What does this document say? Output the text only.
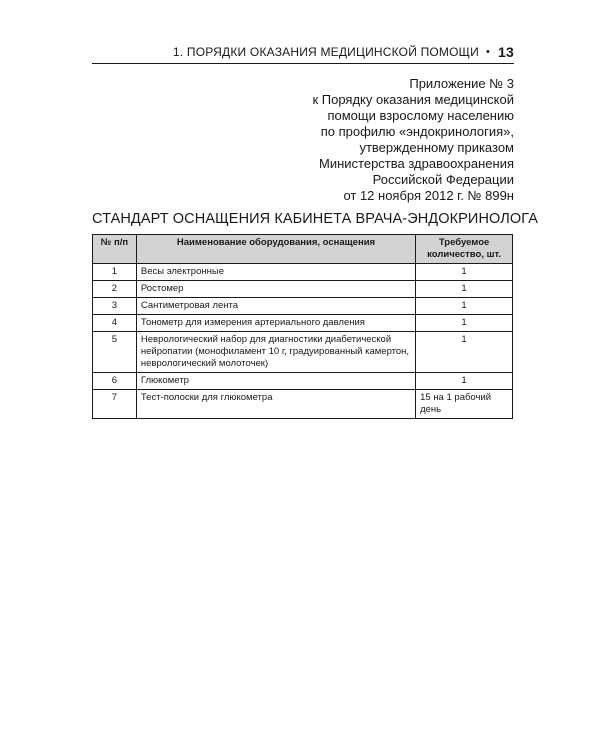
1. ПОРЯДКИ ОКАЗАНИЯ МЕДИЦИНСКОЙ ПОМОЩИ • 13
Приложение № 3
к Порядку оказания медицинской
помощи взрослому населению
по профилю «эндокринология»,
утвержденному приказом
Министерства здравоохранения
Российской Федерации
от 12 ноября 2012 г. № 899н
СТАНДАРТ ОСНАЩЕНИЯ КАБИНЕТА ВРАЧА-ЭНДОКРИНОЛОГА
№ п/п	Наименование оборудования, оснащения	Требуемое количество, шт.
1	Весы электронные	1
2	Ростомер	1
3	Сантиметровая лента	1
4	Тонометр для измерения артериального давления	1
5	Неврологический набор для диагностики диабетической нейропатии (монофиламент 10 г, градуированный камертон, неврологический молоточек)	1
6	Глюкометр	1
7	Тест-полоски для глюкометра	15 на 1 рабочий день
